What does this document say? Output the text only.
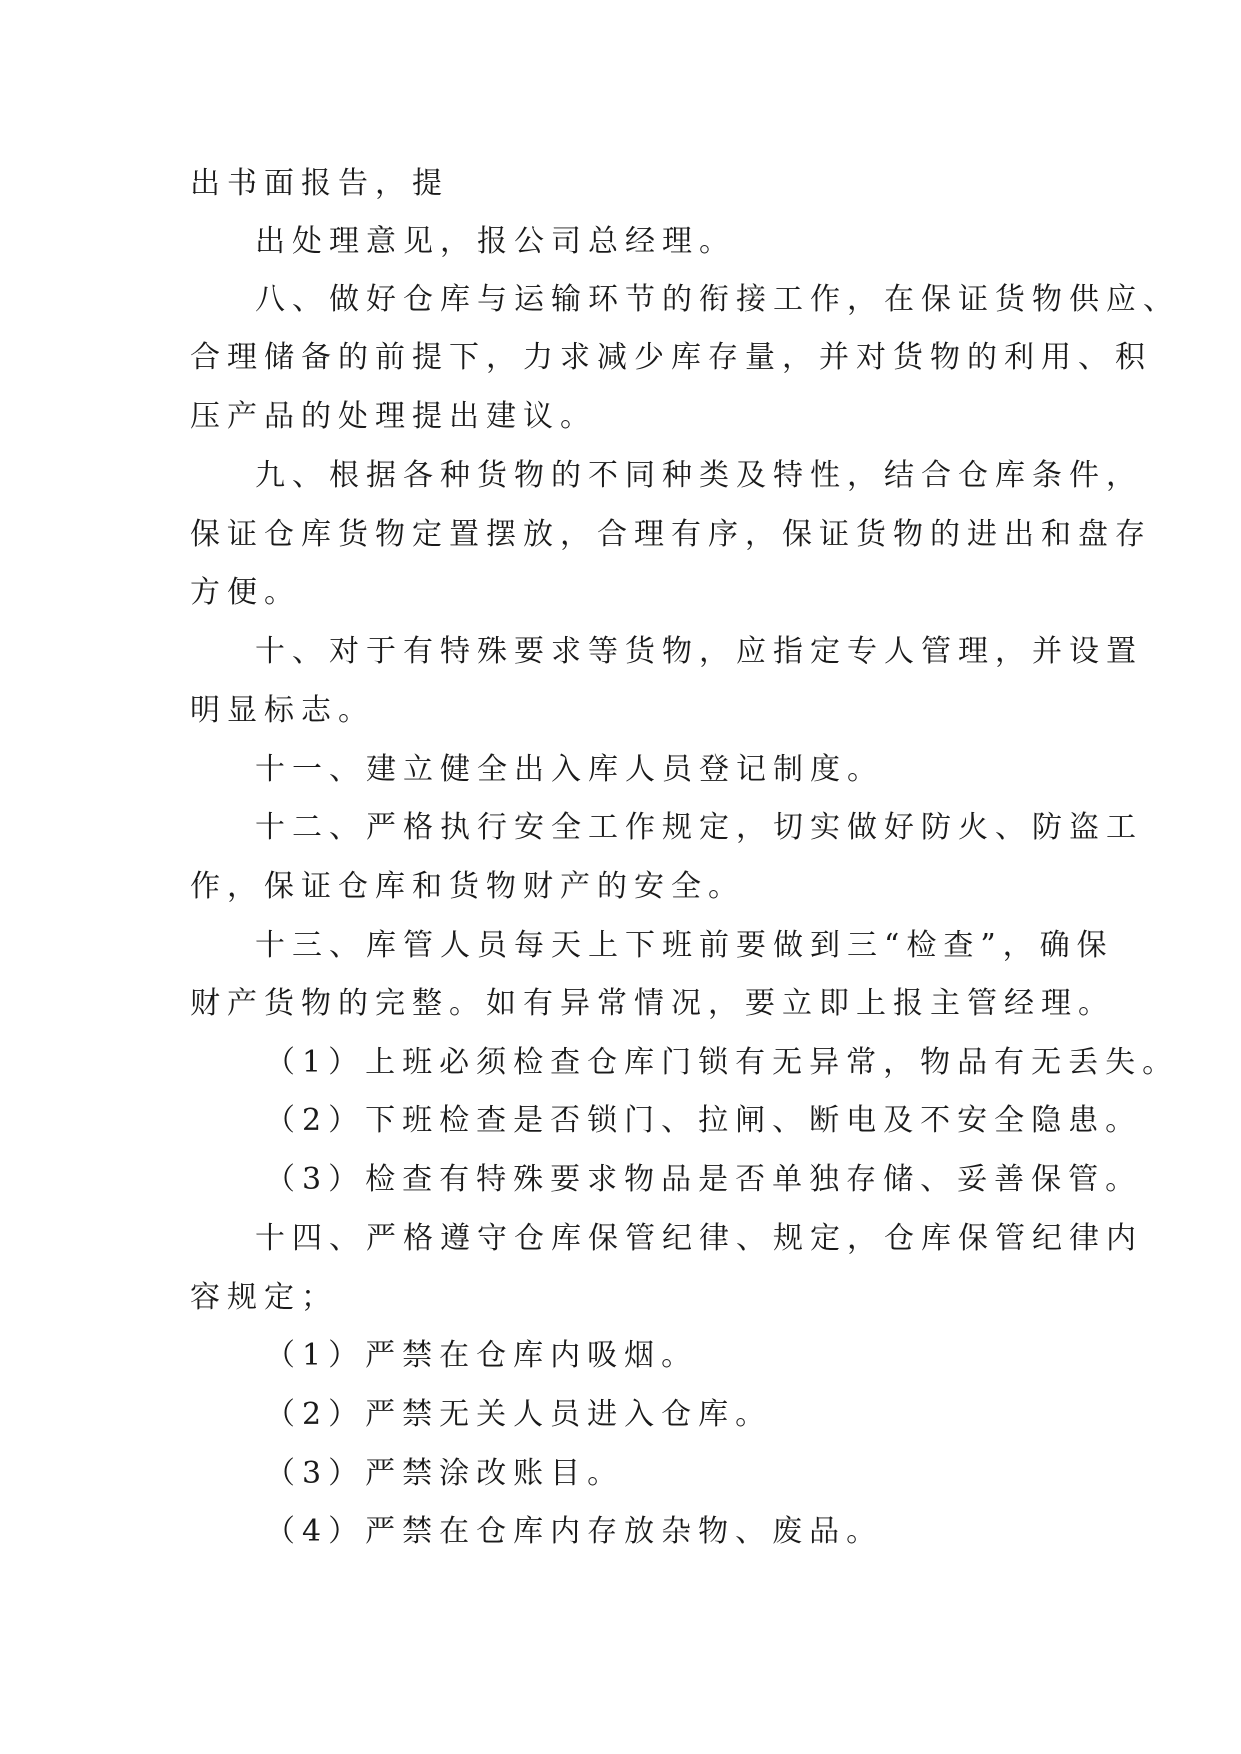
出书面报告，提
出处理意见，报公司总经理。
八、做好仓库与运输环节的衔接工作，在保证货物供应、
合理储备的前提下，力求减少库存量，并对货物的利用、积
压产品的处理提出建议。
九、根据各种货物的不同种类及特性，结合仓库条件，
保证仓库货物定置摆放，合理有序，保证货物的进出和盘存
方便。
十、对于有特殊要求等货物，应指定专人管理，并设置
明显标志。
十一、建立健全出入库人员登记制度。
十二、严格执行安全工作规定，切实做好防火、防盗工
作，保证仓库和货物财产的安全。
十三、库管人员每天上下班前要做到三“检查”，确保
财产货物的完整。如有异常情况，要立即上报主管经理。
（1）上班必须检查仓库门锁有无异常，物品有无丢失。
（2）下班检查是否锁门、拉闸、断电及不安全隐患。
（3）检查有特殊要求物品是否单独存储、妥善保管。
十四、严格遵守仓库保管纪律、规定，仓库保管纪律内
容规定；
（1）严禁在仓库内吸烟。
（2）严禁无关人员进入仓库。
（3）严禁涂改账目。
（4）严禁在仓库内存放杂物、废品。
